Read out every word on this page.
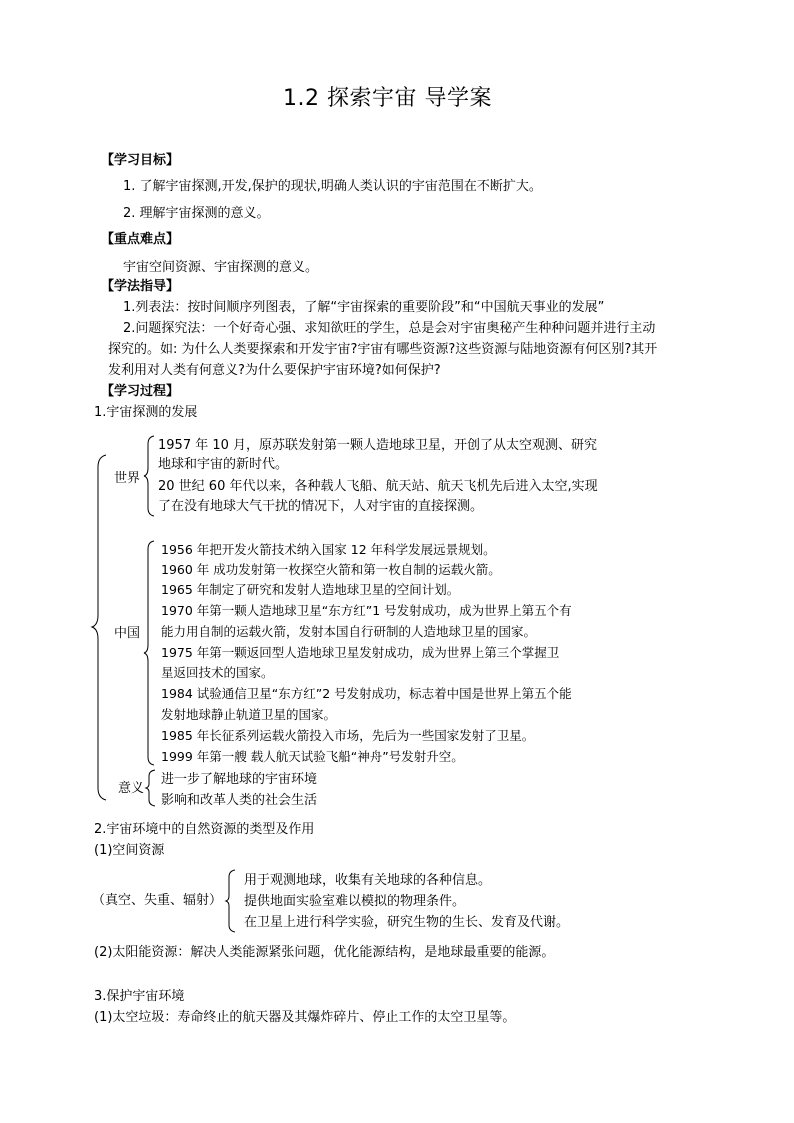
1.2 探索宇宙 导学案
【学习目标】
1. 了解宇宙探测,开发,保护的现状,明确人类认识的宇宙范围在不断扩大。
2. 理解宇宙探测的意义。
【重点难点】
宇宙空间资源、宇宙探测的意义。
【学法指导】
1.列表法：按时间顺序列图表，了解“宇宙探索的重要阶段”和“中国航天事业的发展”
2.问题探究法：一个好奇心强、求知欲旺的学生，总是会对宇宙奥秘产生种种问题并进行主动
探究的。如: 为什么人类要探索和开发宇宙?宇宙有哪些资源?这些资源与陆地资源有何区别?其开
发利用对人类有何意义?为什么要保护宇宙环境?如何保护?
【学习过程】
1.宇宙探测的发展
世界
1957 年 10 月，原苏联发射第一颗人造地球卫星，开创了从太空观测、研究
地球和宇宙的新时代。
20 世纪 60 年代以来，各种载人飞船、航天站、航天飞机先后进入太空,实现
了在没有地球大气干扰的情况下，人对宇宙的直接探测。
中国
1956 年把开发火箭技术纳入国家 12 年科学发展远景规划。
1960 年 成功发射第一枚探空火箭和第一枚自制的运载火箭。
1965 年制定了研究和发射人造地球卫星的空间计划。
1970 年第一颗人造地球卫星“东方红”1 号发射成功，成为世界上第五个有
能力用自制的运载火箭，发射本国自行研制的人造地球卫星的国家。
1975 年第一颗返回型人造地球卫星发射成功，成为世界上第三个掌握卫
星返回技术的国家。
1984 试验通信卫星“东方红”2 号发射成功，标志着中国是世界上第五个能
发射地球静止轨道卫星的国家。
1985 年长征系列运载火箭投入市场，先后为一些国家发射了卫星。
1999 年第一艘 载人航天试验飞船“神舟”号发射升空。
意义
进一步了解地球的宇宙环境
影响和改革人类的社会生活
2.宇宙环境中的自然资源的类型及作用
(1)空间资源
（真空、失重、辐射）
用于观测地球，收集有关地球的各种信息。
提供地面实验室难以模拟的物理条件。
在卫星上进行科学实验，研究生物的生长、发育及代谢。
(2)太阳能资源：解决人类能源紧张问题，优化能源结构，是地球最重要的能源。
3.保护宇宙环境
(1)太空垃圾：寿命终止的航天器及其爆炸碎片、停止工作的太空卫星等。
